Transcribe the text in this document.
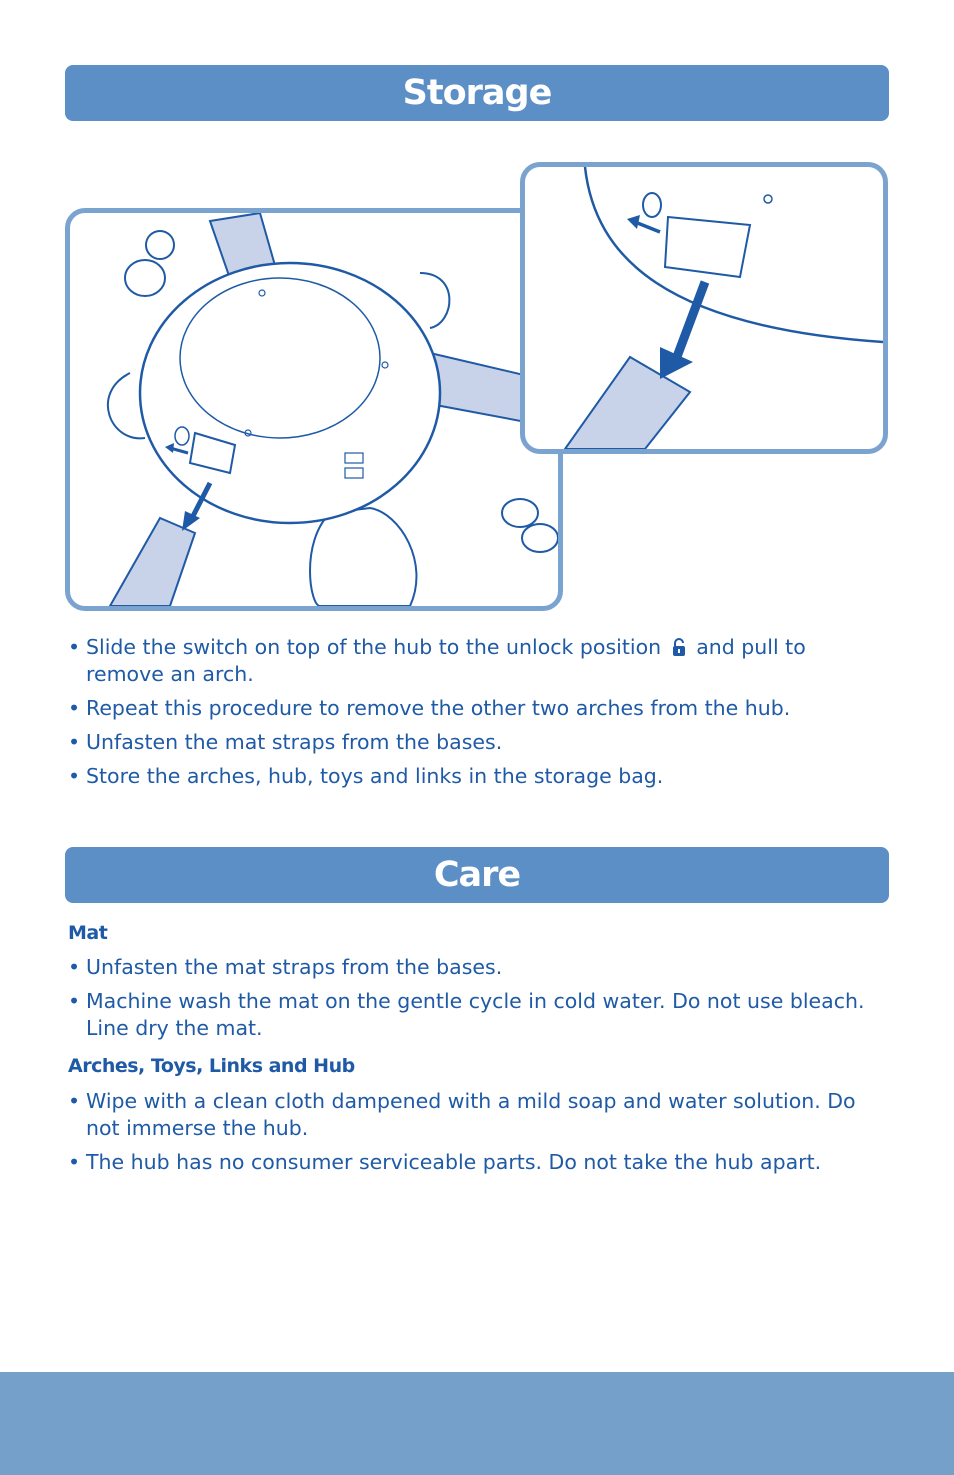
Storage
• Slide the switch on top of the hub to the unlock position and pull to remove an arch.
• Repeat this procedure to remove the other two arches from the hub.
• Unfasten the mat straps from the bases.
• Store the arches, hub, toys and links in the storage bag.
Care
Mat
• Unfasten the mat straps from the bases.
• Machine wash the mat on the gentle cycle in cold water. Do not use bleach. Line dry the mat.
Arches, Toys, Links and Hub
• Wipe with a clean cloth dampened with a mild soap and water solution. Do not immerse the hub.
• The hub has no consumer serviceable parts. Do not take the hub apart.
